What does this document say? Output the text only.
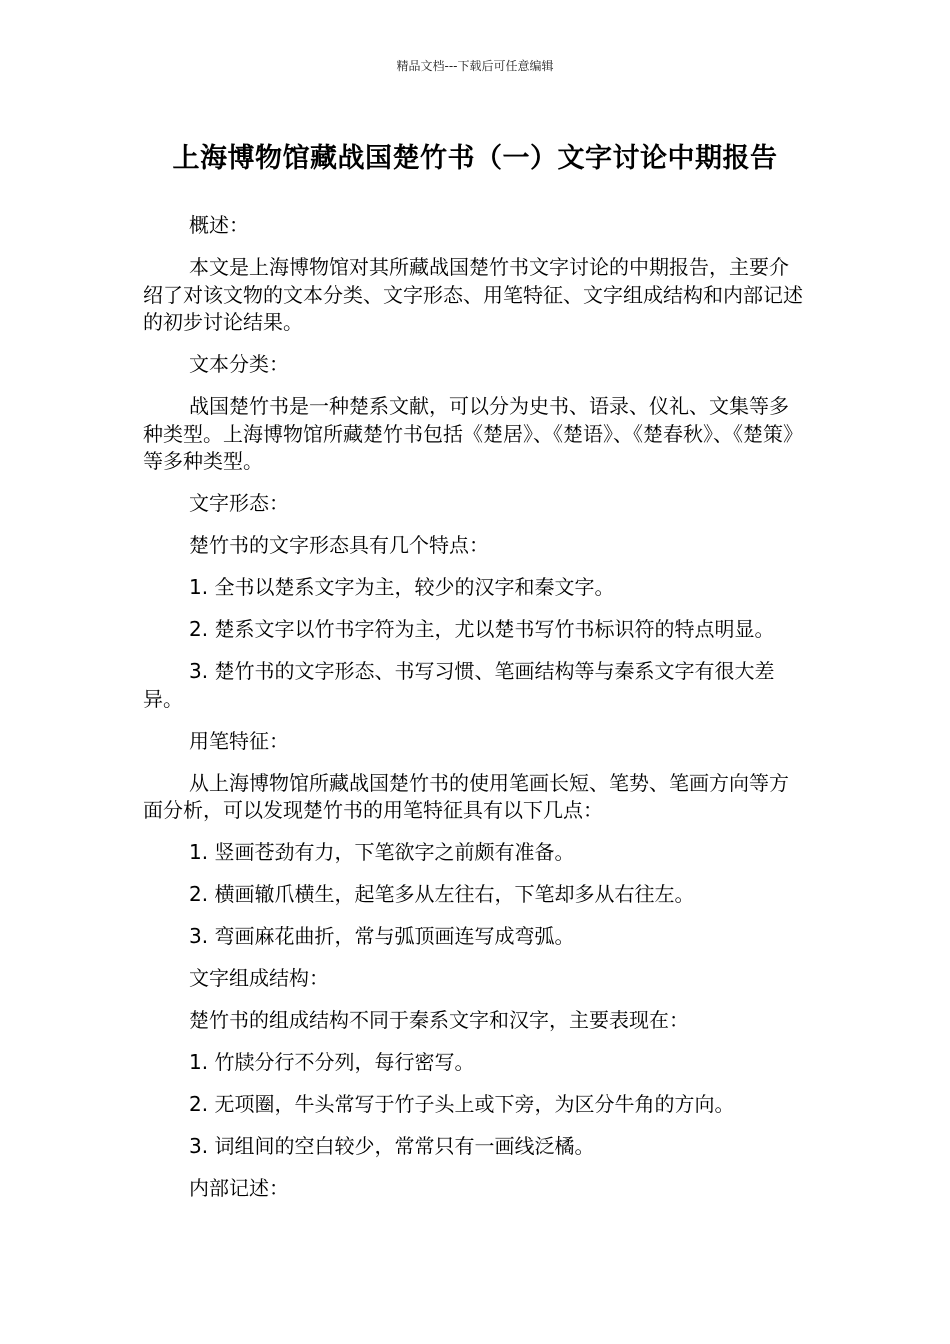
精品文档---下载后可任意编辑
上海博物馆藏战国楚竹书（一）文字讨论中期报告

概述：

本文是上海博物馆对其所藏战国楚竹书文字讨论的中期报告，主要介绍了对该文物的文本分类、文字形态、用笔特征、文字组成结构和内部记述的初步讨论结果。

文本分类：

战国楚竹书是一种楚系文献，可以分为史书、语录、仪礼、文集等多种类型。上海博物馆所藏楚竹书包括《楚居》、《楚语》、《楚春秋》、《楚策》等多种类型。

文字形态：

楚竹书的文字形态具有几个特点：

1. 全书以楚系文字为主，较少的汉字和秦文字。

2. 楚系文字以竹书字符为主，尤以楚书写竹书标识符的特点明显。

3. 楚竹书的文字形态、书写习惯、笔画结构等与秦系文字有很大差异。

用笔特征：

从上海博物馆所藏战国楚竹书的使用笔画长短、笔势、笔画方向等方面分析，可以发现楚竹书的用笔特征具有以下几点：

1. 竖画苍劲有力，下笔欲字之前颇有准备。

2. 横画辙爪横生，起笔多从左往右，下笔却多从右往左。

3. 弯画麻花曲折，常与弧顶画连写成弯弧。

文字组成结构：

楚竹书的组成结构不同于秦系文字和汉字，主要表现在：

1. 竹牍分行不分列，每行密写。

2. 无项圈，牛头常写于竹子头上或下旁，为区分牛角的方向。

3. 词组间的空白较少，常常只有一画线泛橘。

内部记述：
